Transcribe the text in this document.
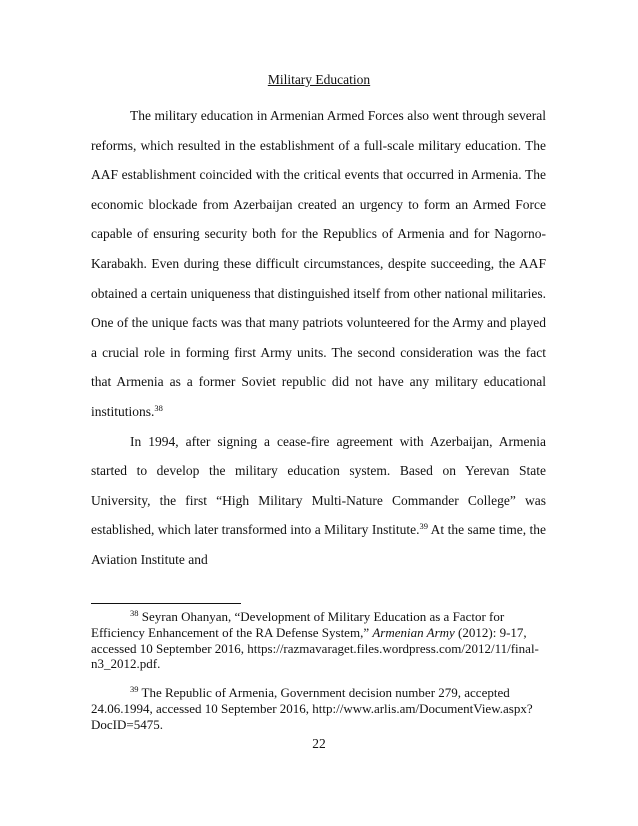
Military Education

The military education in Armenian Armed Forces also went through several reforms, which resulted in the establishment of a full-scale military education. The AAF establishment coincided with the critical events that occurred in Armenia. The economic blockade from Azerbaijan created an urgency to form an Armed Force capable of ensuring security both for the Republics of Armenia and for Nagorno-Karabakh. Even during these difficult circumstances, despite succeeding, the AAF obtained a certain uniqueness that distinguished itself from other national militaries. One of the unique facts was that many patriots volunteered for the Army and played a crucial role in forming first Army units. The second consideration was the fact that Armenia as a former Soviet republic did not have any military educational institutions.$^{38}$

In 1994, after signing a cease-fire agreement with Azerbaijan, Armenia started to develop the military education system. Based on Yerevan State University, the first “High Military Multi-Nature Commander College” was established, which later transformed into a Military Institute.$^{39}$ At the same time, the Aviation Institute and

$^{38}$ Seyran Ohanyan, “Development of Military Education as a Factor for Efficiency Enhancement of the RA Defense System,” Armenian Army (2012): 9-17, accessed 10 September 2016, https://razmavaraget.files.wordpress.com/2012/11/final-n3_2012.pdf.

$^{39}$ The Republic of Armenia, Government decision number 279, accepted 24.06.1994, accessed 10 September 2016, http://www.arlis.am/DocumentView.aspx?DocID=5475.

22
